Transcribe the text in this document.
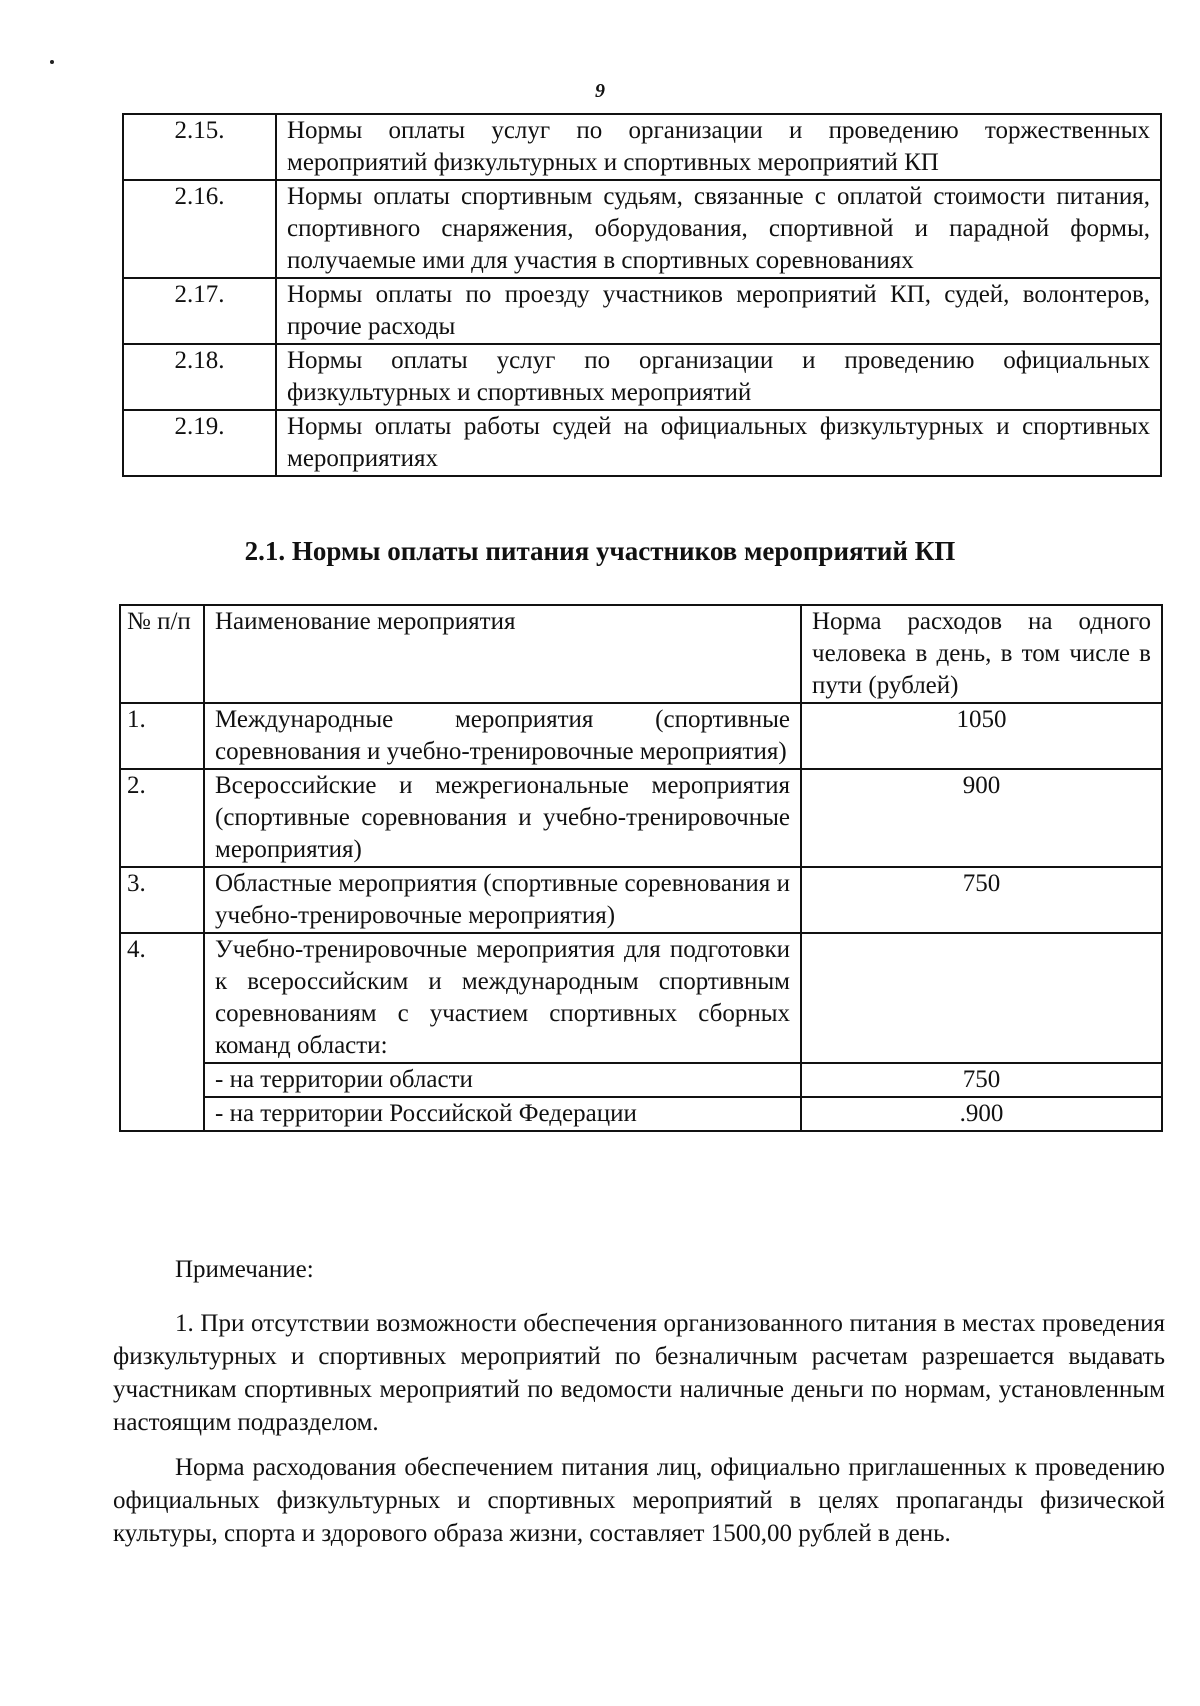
9
2.15.	Нормы оплаты услуг по организации и проведению торжественных мероприятий физкультурных и спортивных мероприятий КП
2.16.	Нормы оплаты спортивным судьям, связанные с оплатой стоимости питания, спортивного снаряжения, оборудования, спортивной и парадной формы, получаемые ими для участия в спортивных соревнованиях
2.17.	Нормы оплаты по проезду участников мероприятий КП, судей, волонтеров, прочие расходы
2.18.	Нормы оплаты услуг по организации и проведению официальных физкультурных и спортивных мероприятий
2.19.	Нормы оплаты работы судей на официальных физкультурных и спортивных мероприятиях
2.1. Нормы оплаты питания участников мероприятий КП
№ п/п	Наименование мероприятия	Норма расходов на одного человека в день, в том числе в пути (рублей)
1.	Международные мероприятия (спортивные соревнования и учебно-тренировочные мероприятия)	1050
2.	Всероссийские и межрегиональные мероприятия (спортивные соревнования и учебно-тренировочные мероприятия)	900
3.	Областные мероприятия (спортивные соревнования и учебно-тренировочные мероприятия)	750
4.	Учебно-тренировочные мероприятия для подготовки к всероссийским и международным спортивным соревнованиям с участием спортивных сборных команд области:	
	- на территории области	750
	- на территории Российской Федерации	.900
Примечание:
1. При отсутствии возможности обеспечения организованного питания в местах проведения физкультурных и спортивных мероприятий по безналичным расчетам разрешается выдавать участникам спортивных мероприятий по ведомости наличные деньги по нормам, установленным настоящим подразделом.
Норма расходования обеспечением питания лиц, официально приглашенных к проведению официальных физкультурных и спортивных мероприятий в целях пропаганды физической культуры, спорта и здорового образа жизни, составляет 1500,00 рублей в день.
